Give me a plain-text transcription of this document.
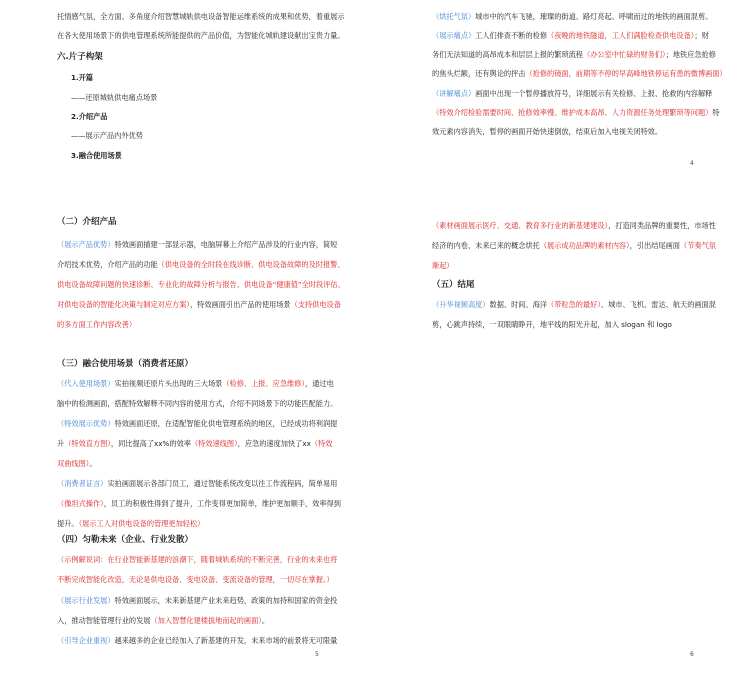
托情感气氛，全方面、多角度介绍智慧城轨供电设备智能运维系统的成果和优势，着重展示
在各大使用场景下的供电管理系统所能提供的产品价值，为智能化城轨建设献出宝贵力量。
六.片子构架
1.开篇
——还原城轨供电痛点场景
2.介绍产品
——展示产品内外优势
3.融合使用场景
（烘托气氛）城市中的汽车飞驰，璀璨的街道、路灯亮起、呼啸而过的地铁的画面混剪。
（展示痛点）工人们排查不断的检修（夜晚的地铁隧道，工人们满脸检查供电设备）；财
务们无法知道的高昂成本和层层上报的繁琐流程（办公室中忙碌的财务们）；地铁应急抢修
的焦头烂额，还有舆论的抨击（抢修的镜面，前期等不停的早高峰地铁停运有患的微博画面）
（讲解痛点）画面中出现一个暂停播放符号，详细展示有关检修、上报、抢救的内容解释
（特效介绍检验需要时间、抢修效率慢、维护成本高昂、人力资源任务处理繁琐等问题）特
效元素内容消失，暂停的画面开始快速倒放，结束后加入电视关闭特效。
4
（二）介绍产品
（展示产品优势）特效画面描建一部显示器，电脑屏幕上介绍产品涉及的行业内容，简短
介绍技术优势，介绍产品的功能（供电设备的全时段在线诊断、供电设备故障的及时报警、
供电设备故障问题的快速诊断、专业化的故障分析与报告、供电设备“健康值”全时段评估、
对供电设备的智能化决策与制定对应方案），特效画面引出产品的使用场景（支持供电设备
的多方面工作内容改善）
（三）融合使用场景（消费者还原）
（代入使用场景）实拍视频还原片头出现的三大场景（检修、上报、应急维修），通过电
脑中的检测画面，搭配特效解释不同内容的使用方式，介绍不同场景下的功能匹配能力。
（特效展示优势）特效画面还原，在适配智能化供电管理系统的地区，已经成功将利润提
升（特效直方图），同比提高了xx%的效率（特效速线图），应急的速度加快了xx（特效
双曲线图）。
（消费者证言）实拍画面展示各部门员工，通过智能系统改变以往工作流程码，简单易用
（像坦式操作），员工的积极性得到了提升，工作变得更加简单，维护更加顺手，效率得到
提升。（展示工人对供电设备的管理更加轻松）
（四）匀勒未来（企业、行业发散）
（示例解说词：在行业智能新基建的浪潮下，随着城轨系统的不断完善，行业的未来也将
不断完成智能化改造，无论是供电设备、变电设备、变流设备的管理，一切尽在掌握。）
（展示行业发展）特效画面展示，未来新基建产业未来趋势，政策的加持和国家的资金投
入，推动智能管理行业的发展（加入智慧化建楼拔地而起的画面）。
（引导企业重视）越来越多的企业已经加入了新基建的开发，未来市场的前景将无可限量
5
（素材画面展示医疗、交通、教育多行业的新基建建设），打造同类品牌的重要性，市场性
经济的内卷，未来已来的概念烘托（展示成功品牌的素材内容），引出结尾画面（节奏气氛
渐起）
（五）结尾
（升华视频高度）数据、时间、海洋（带粒急的最好）、城市、飞机、雷达、航天的画面混
剪，心跳声持续，一双眼睛睁开，地平线的阳光升起，加入 slogan 和 logo
6
